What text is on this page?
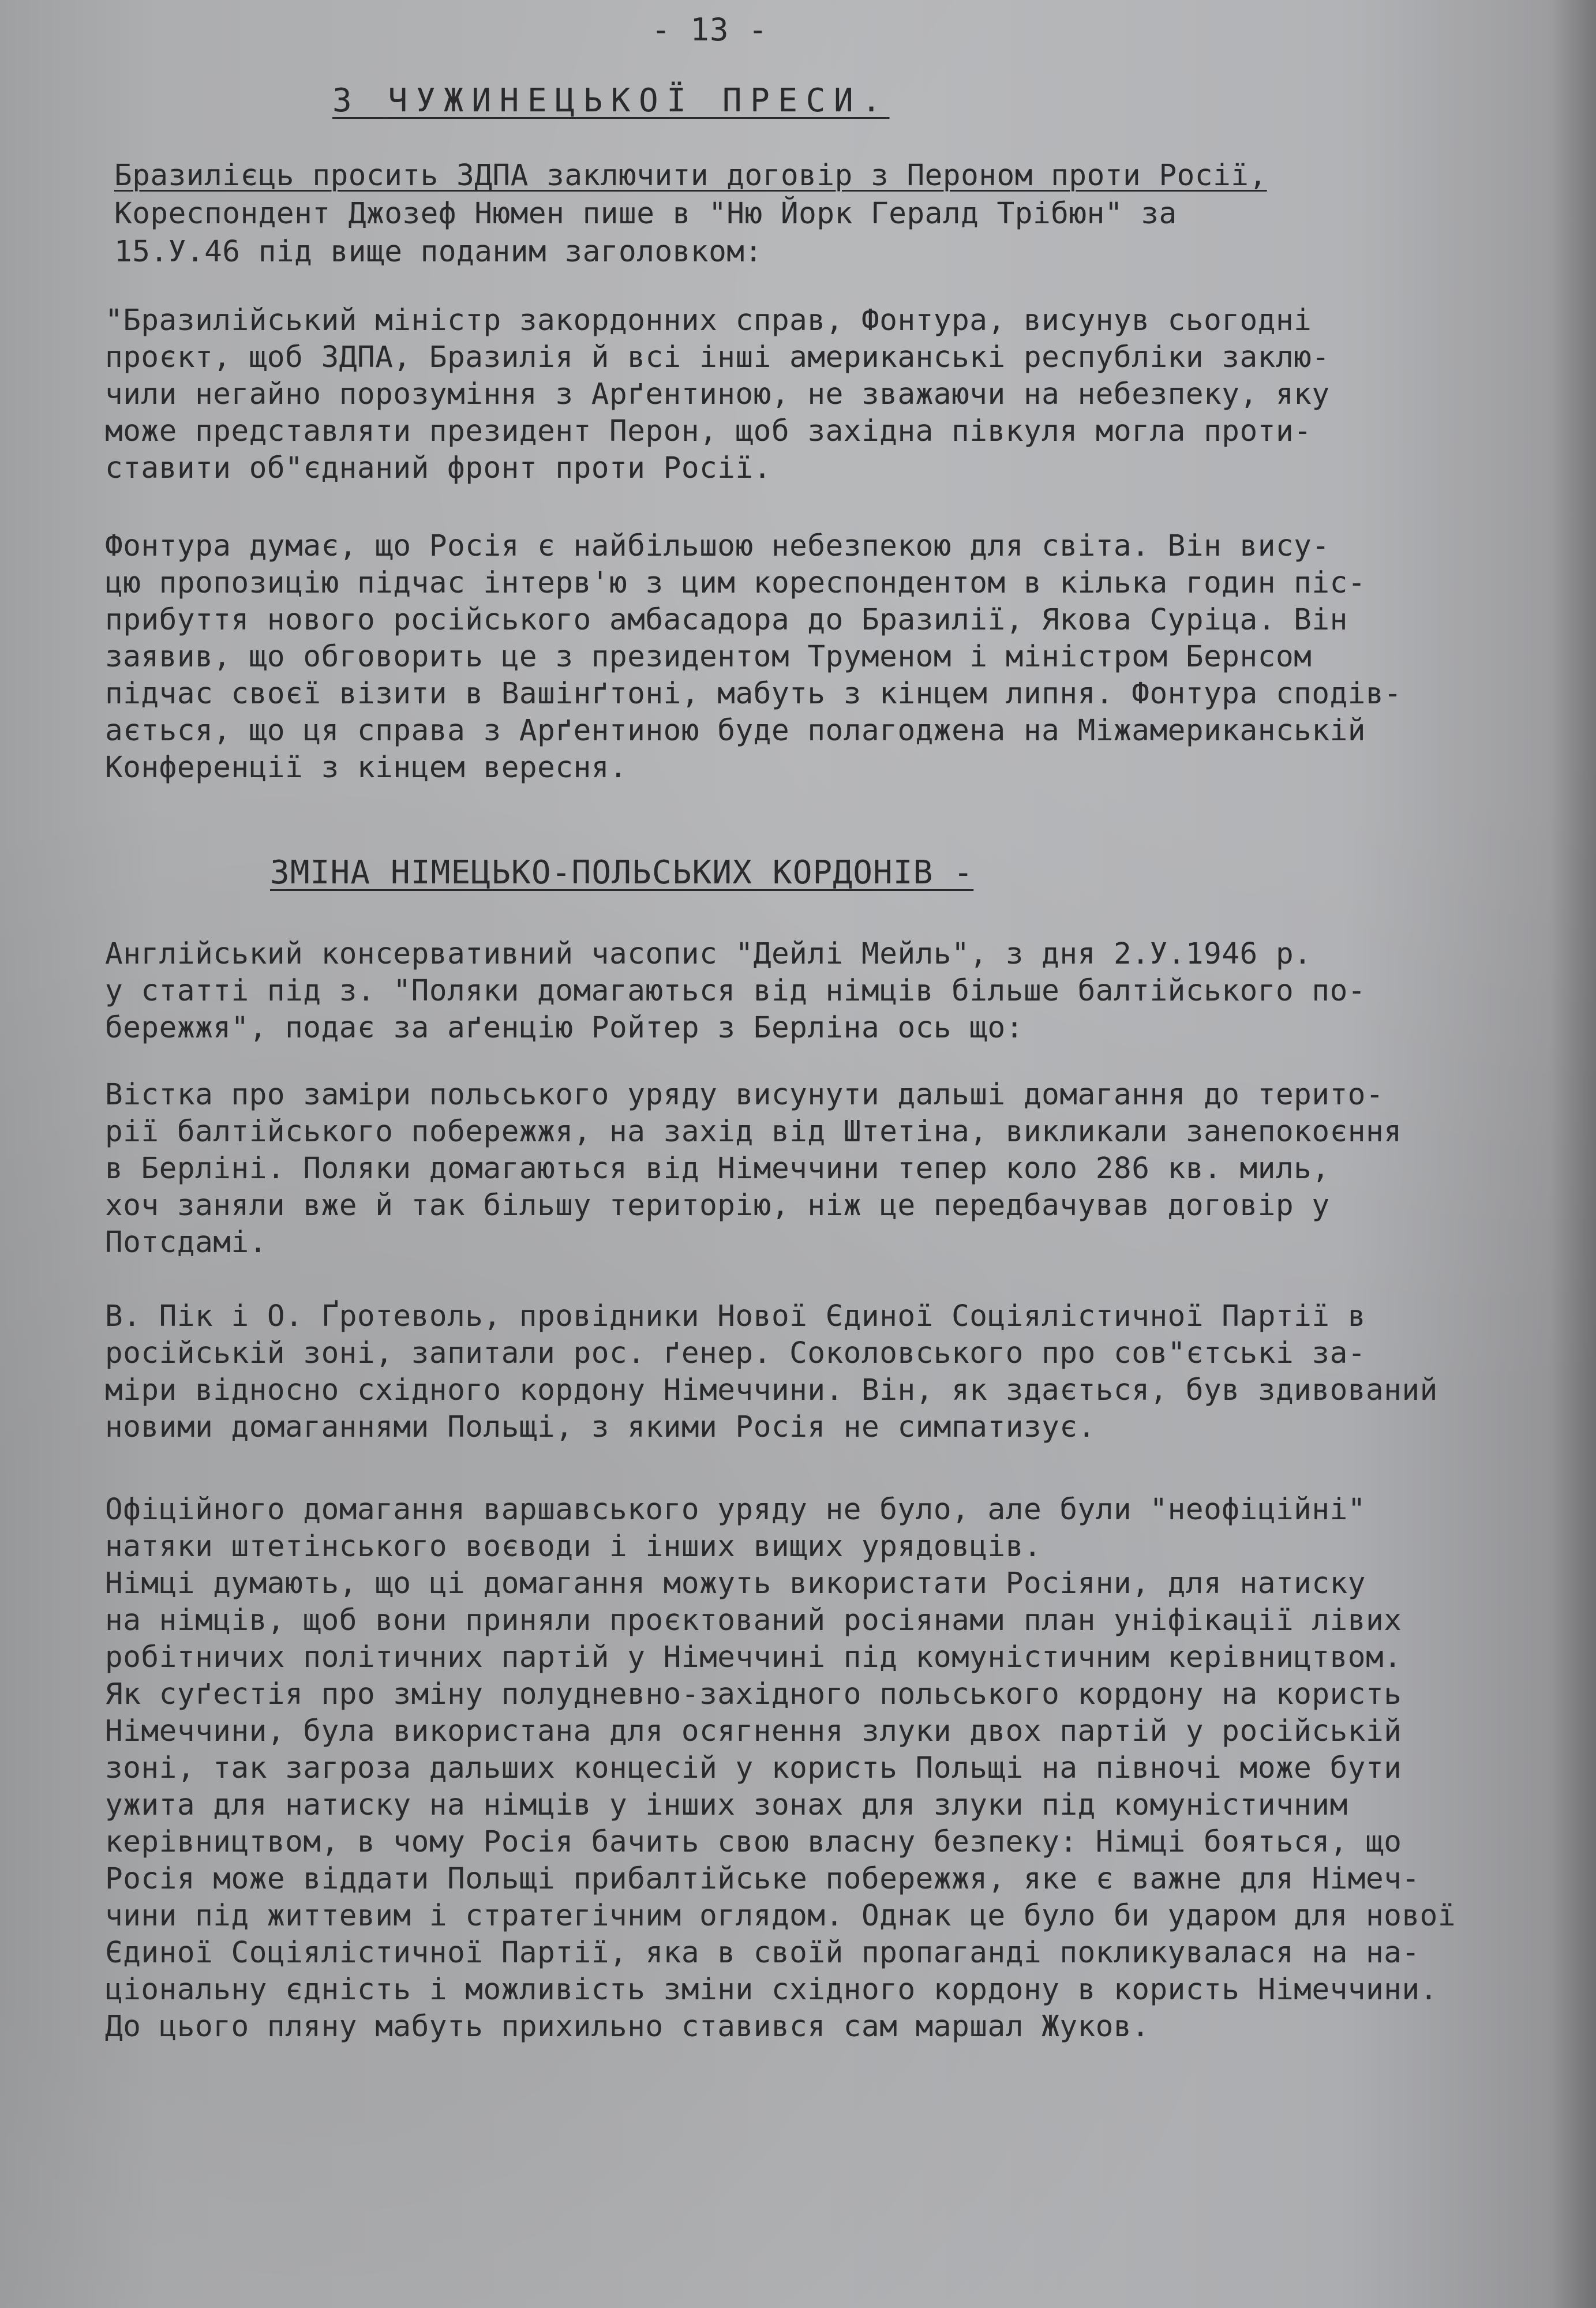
- 13 -
З ЧУЖИНЕЦЬКОЇ ПРЕСИ.

Бразилієць просить ЗДПА заключити договір з Пероном проти Росії,
Кореспондент Джозеф Нюмен пише в "Ню Йорк Гералд Трібюн" за
15.У.46 під вище поданим заголовком:

"Бразилійський міністр закордонних справ, Фонтура, висунув сьогодні
проєкт, щоб ЗДПА, Бразилія й всі інші американські республіки заклю-
чили негайно порозуміння з Арґентиною, не зважаючи на небезпеку, яку
може представляти президент Перон, щоб західна півкуля могла проти-
ставити об"єднаний фронт проти Росії.

Фонтура думає, що Росія є найбільшою небезпекою для світа. Він вису-
цю пропозицію підчас інтерв'ю з цим кореспондентом в кілька годин піс-
прибуття нового російського амбасадора до Бразилії, Якова Суріца. Він
заявив, що обговорить це з президентом Труменом і міністром Бернсом
підчас своєї візити в Вашінґтоні, мабуть з кінцем липня. Фонтура сподів-
ається, що ця справа з Арґентиною буде полагоджена на Міжамериканській
Конференції з кінцем вересня.

ЗМІНА НІМЕЦЬКО-ПОЛЬСЬКИХ КОРДОНІВ -

Англійський консервативний часопис "Дейлі Мейль", з дня 2.У.1946 р.
у статті під з. "Поляки домагаються від німців більше балтійського по-
бережжя", подає за аґенцію Ройтер з Берліна ось що:

Вістка про заміри польського уряду висунути дальші домагання до терито-
рії балтійського побережжя, на захід від Штетіна, викликали занепокоєння
в Берліні. Поляки домагаються від Німеччини тепер коло 286 кв. миль,
хоч заняли вже й так більшу територію, ніж це передбачував договір у
Потсдамі.

В. Пік і О. Ґротеволь, провідники Нової Єдиної Соціялістичної Партії в
російській зоні, запитали рос. ґенер. Соколовського про сов"єтські за-
міри відносно східного кордону Німеччини. Він, як здається, був здивований
новими домаганнями Польщі, з якими Росія не симпатизує.

Офіційного домагання варшавського уряду не було, але були "неофіційні"
натяки штетінського воєводи і інших вищих урядовців.
Німці думають, що ці домагання можуть використати Росіяни, для натиску
на німців, щоб вони приняли проєктований росіянами план уніфікації лівих
робітничих політичних партій у Німеччині під комуністичним керівництвом.
Як суґестія про зміну полудневно-західного польського кордону на користь
Німеччини, була використана для осягнення злуки двох партій у російській
зоні, так загроза дальших концесій у користь Польщі на півночі може бути
ужита для натиску на німців у інших зонах для злуки під комуністичним
керівництвом, в чому Росія бачить свою власну безпеку: Німці бояться, що
Росія може віддати Польщі прибалтійське побережжя, яке є важне для Німеч-
чини під життевим і стратегічним оглядом. Однак це було би ударом для нової
Єдиної Соціялістичної Партії, яка в своїй пропаганді покликувалася на на-
ціональну єдність і можливість зміни східного кордону в користь Німеччини.
До цього пляну мабуть прихильно ставився сам маршал Жуков.
